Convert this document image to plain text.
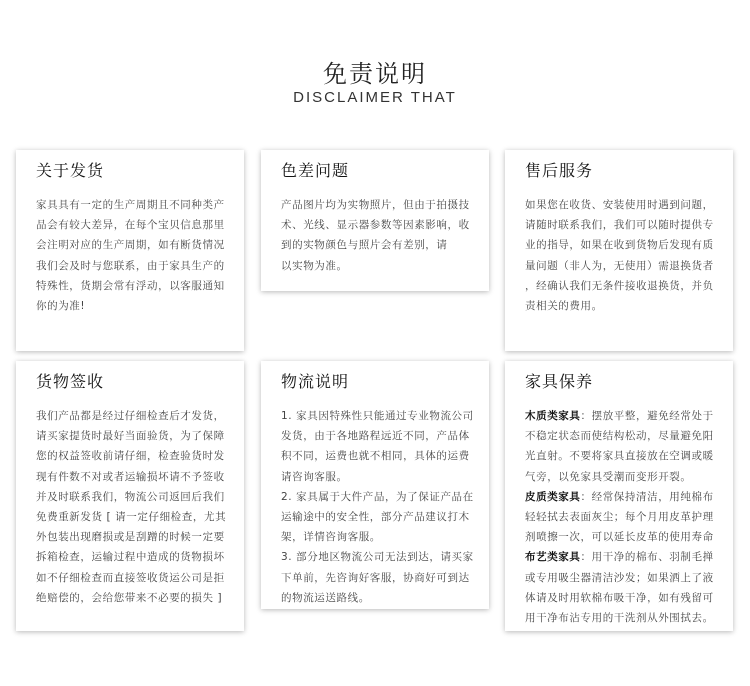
免责说明
DISCLAIMER THAT
关于发货

家具具有一定的生产周期且不同种类产

品会有较大差异，在每个宝贝信息那里

会注明对应的生产周期，如有断货情况

我们会及时与您联系，由于家具生产的

特殊性，货期会常有浮动，以客服通知

你的为准!

色差问题

产品图片均为实物照片，但由于拍摄技

术、光线、显示器参数等因素影响，收

到的实物颜色与照片会有差别，请

以实物为准。

售后服务

如果您在收货、安装使用时遇到问题，

请随时联系我们，我们可以随时提供专

业的指导，如果在收到货物后发现有质

量问题（非人为，无使用）需退换货者

，经确认我们无条件接收退换货，并负

责相关的费用。

货物签收

我们产品都是经过仔细检查后才发货，

请买家提货时最好当面验货，为了保障

您的权益签收前请仔细，检查验货时发

现有件数不对或者运输损坏请不予签收

并及时联系我们，物流公司返回后我们

免费重新发货 [ 请一定仔细检查，尤其

外包装出现磨损或是刮蹭的时候一定要

拆箱检查，运输过程中造成的货物损坏

如不仔细检查而直接签收货运公司是拒

绝赔偿的，会给您带来不必要的损失 ]

物流说明

1. 家具因特殊性只能通过专业物流公司

发货，由于各地路程远近不同，产品体

积不同，运费也就不相同，具体的运费

请咨询客服。

2. 家具属于大件产品，为了保证产品在

运输途中的安全性，部分产品建议打木

架，详情咨询客服。

3. 部分地区物流公司无法到达，请买家

下单前，先咨询好客服，协商好可到达

的物流运送路线。

家具保养

木质类家具：摆放平整，避免经常处于

不稳定状态而使结构松动，尽量避免阳

光直射。不要将家具直接放在空调或暖

气旁，以免家具受潮而变形开裂。

皮质类家具：经常保持清洁，用纯棉布

轻轻拭去表面灰尘；每个月用皮革护理

剂喷擦一次，可以延长皮革的使用寿命

布艺类家具：用干净的棉布、羽制毛掸

或专用吸尘器清洁沙发；如果洒上了液

体请及时用软棉布吸干净，如有残留可

用干净布沾专用的干洗剂从外围拭去。
